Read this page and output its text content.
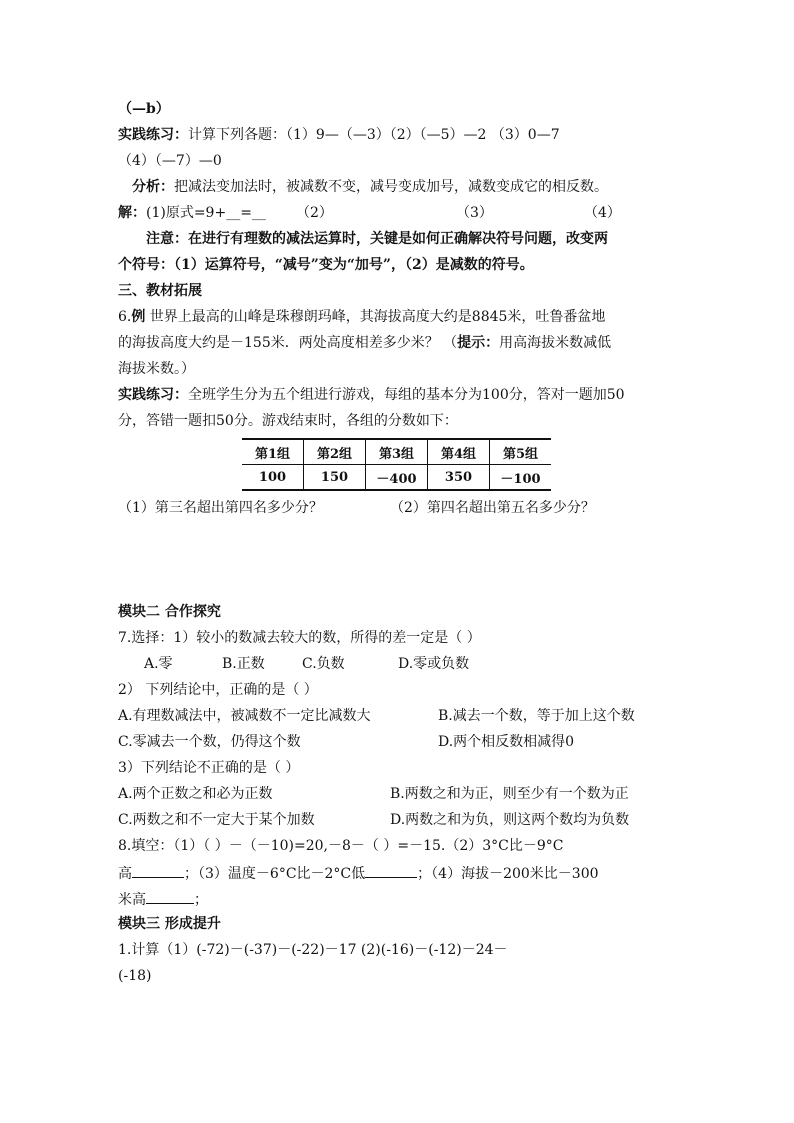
（—b）
实践练习：计算下列各题：（1）9—（—3）（2）（—5）—2 （3）0—7
（4）（—7）—0
分析：把减法变加法时，被减数不变，减号变成加号，减数变成它的相反数。
解：(1)原式=9+__=__ （2）	（3）	（4）
注意：在进行有理数的减法运算时，关键是如何正确解决符号问题，改变两
个符号：（1）运算符号，“减号”变为“加号”，（2）是减数的符号。
三、教材拓展
6.例 世界上最高的山峰是珠穆朗玛峰，其海拔高度大约是8845米，吐鲁番盆地
的海拔高度大约是－155米．两处高度相差多少米？ （提示：用高海拔米数减低
海拔米数。）
实践练习：全班学生分为五个组进行游戏，每组的基本分为100分，答对一题加50
分，答错一题扣50分。游戏结束时，各组的分数如下：
第1组	第2组	第3组	第4组	第5组
100	150	－400	350	－100
（1）第三名超出第四名多少分？	（2）第四名超出第五名多少分？
模块二 合作探究
7.选择：1）较小的数减去较大的数，所得的差一定是（ ）
A.零	B.正数	C.负数	D.零或负数
2） 下列结论中，正确的是（ ）
A.有理数减法中，被减数不一定比减数大	B.减去一个数，等于加上这个数
C.零减去一个数，仍得这个数	D.两个相反数相减得0
3）下列结论不正确的是（ ）
A.两个正数之和必为正数	B.两数之和为正，则至少有一个数为正
C.两数之和不一定大于某个加数	D.两数之和为负，则这两个数均为负数
8.填空：（1）（ ）－（－10)=20,－8－（ ）=－15.（2）3°C比－9°C
高	；（3）温度－6°C比－2°C低	；（4）海拔－200米比－300
米高	；
模块三 形成提升
1.计算（1）(-72)－(-37)－(-22)－17 (2)(-16)－(-12)－24－
(-18)
